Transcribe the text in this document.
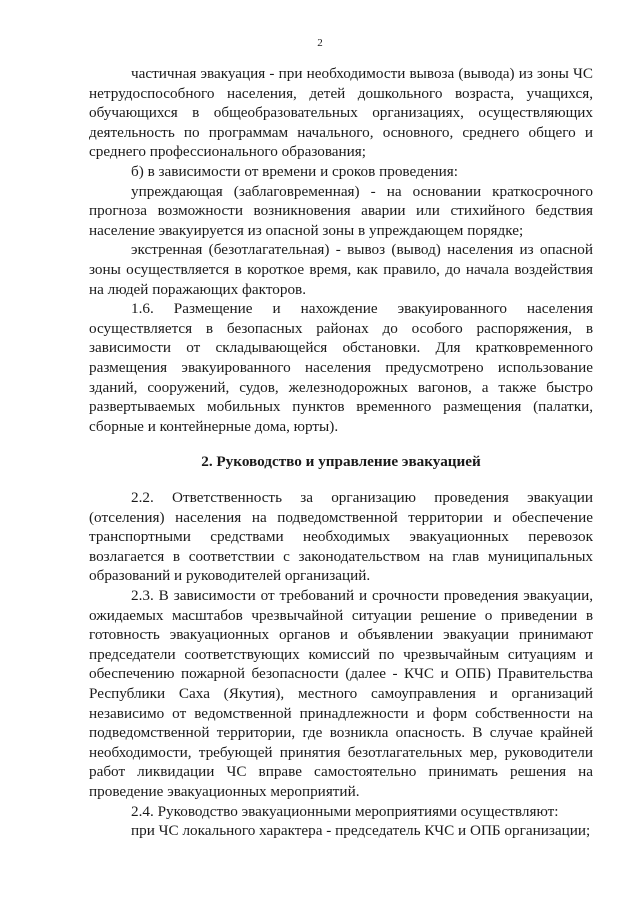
2

частичная эвакуация - при необходимости вывоза (вывода) из зоны ЧС нетрудоспособного населения, детей дошкольного возраста, учащихся, обучающихся в общеобразовательных организациях, осуществляющих деятельность по программам начального, основного, среднего общего и среднего профессионального образования;

б) в зависимости от времени и сроков проведения:

упреждающая (заблаговременная) - на основании краткосрочного прогноза возможности возникновения аварии или стихийного бедствия население эвакуируется из опасной зоны в упреждающем порядке;

экстренная (безотлагательная) - вывоз (вывод) населения из опасной зоны осуществляется в короткое время, как правило, до начала воздействия на людей поражающих факторов.

1.6. Размещение и нахождение эвакуированного населения осуществляется в безопасных районах до особого распоряжения, в зависимости от складывающейся обстановки. Для кратковременного размещения эвакуированного населения предусмотрено использование зданий, сооружений, судов, железнодорожных вагонов, а также быстро развертываемых мобильных пунктов временного размещения (палатки, сборные и контейнерные дома, юрты).

2. Руководство и управление эвакуацией

2.2. Ответственность за организацию проведения эвакуации (отселения) населения на подведомственной территории и обеспечение транспортными средствами необходимых эвакуационных перевозок возлагается в соответствии с законодательством на глав муниципальных образований и руководителей организаций.

2.3. В зависимости от требований и срочности проведения эвакуации, ожидаемых масштабов чрезвычайной ситуации решение о приведении в готовность эвакуационных органов и объявлении эвакуации принимают председатели соответствующих комиссий по чрезвычайным ситуациям и обеспечению пожарной безопасности (далее - КЧС и ОПБ) Правительства Республики Саха (Якутия), местного самоуправления и организаций независимо от ведомственной принадлежности и форм собственности на подведомственной территории, где возникла опасность. В случае крайней необходимости, требующей принятия безотлагательных мер, руководители работ ликвидации ЧС вправе самостоятельно принимать решения на проведение эвакуационных мероприятий.

2.4. Руководство эвакуационными мероприятиями осуществляют:

при ЧС локального характера - председатель КЧС и ОПБ организации;
